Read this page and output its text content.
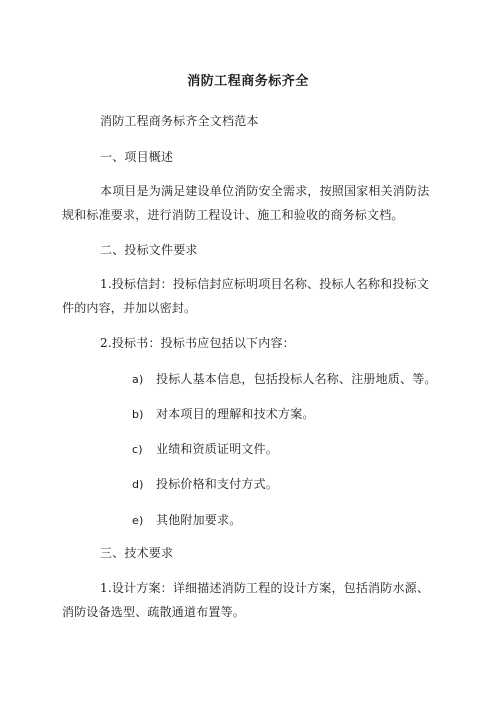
消防工程商务标齐全
消防工程商务标齐全文档范本
一、项目概述
本项目是为满足建设单位消防安全需求，按照国家相关消防法
规和标准要求，进行消防工程设计、施工和验收的商务标文档。
二、投标文件要求
1.投标信封：投标信封应标明项目名称、投标人名称和投标文
件的内容，并加以密封。
2.投标书：投标书应包括以下内容：
a) 投标人基本信息，包括投标人名称、注册地质、等。
b) 对本项目的理解和技术方案。
c) 业绩和资质证明文件。
d) 投标价格和支付方式。
e) 其他附加要求。
三、技术要求
1.设计方案：详细描述消防工程的设计方案，包括消防水源、
消防设备选型、疏散通道布置等。
